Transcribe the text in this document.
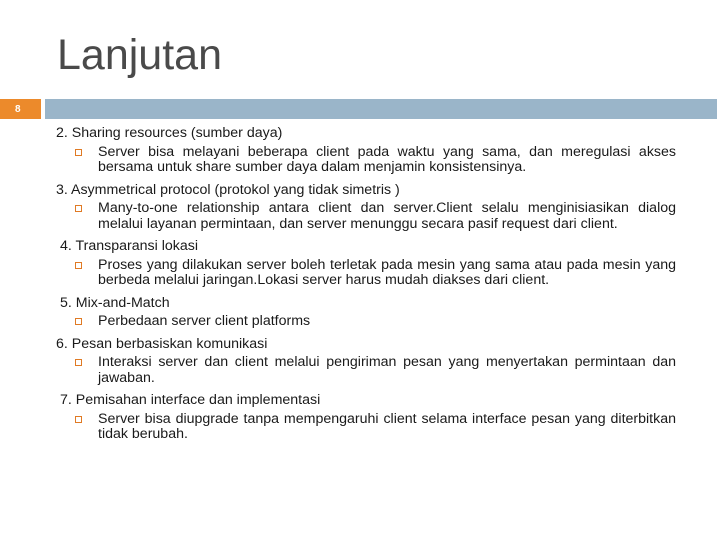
Lanjutan
8
2. Sharing resources (sumber daya)
Server bisa melayani beberapa client pada waktu yang sama, dan meregulasi akses bersama untuk share sumber daya dalam menjamin konsistensinya.
3. Asymmetrical protocol (protokol yang tidak simetris )
Many-to-one relationship antara client dan server.Client selalu menginisiasikan dialog melalui layanan permintaan, dan server menunggu secara pasif request dari client.
4. Transparansi lokasi
Proses yang dilakukan server boleh terletak pada mesin yang sama atau pada mesin yang berbeda melalui jaringan.Lokasi server harus mudah diakses dari client.
5. Mix-and-Match
Perbedaan server client platforms
6. Pesan berbasiskan komunikasi
Interaksi server dan client melalui pengiriman pesan yang menyertakan permintaan dan jawaban.
7. Pemisahan interface dan implementasi
Server bisa diupgrade tanpa mempengaruhi client selama interface pesan yang diterbitkan tidak berubah.
